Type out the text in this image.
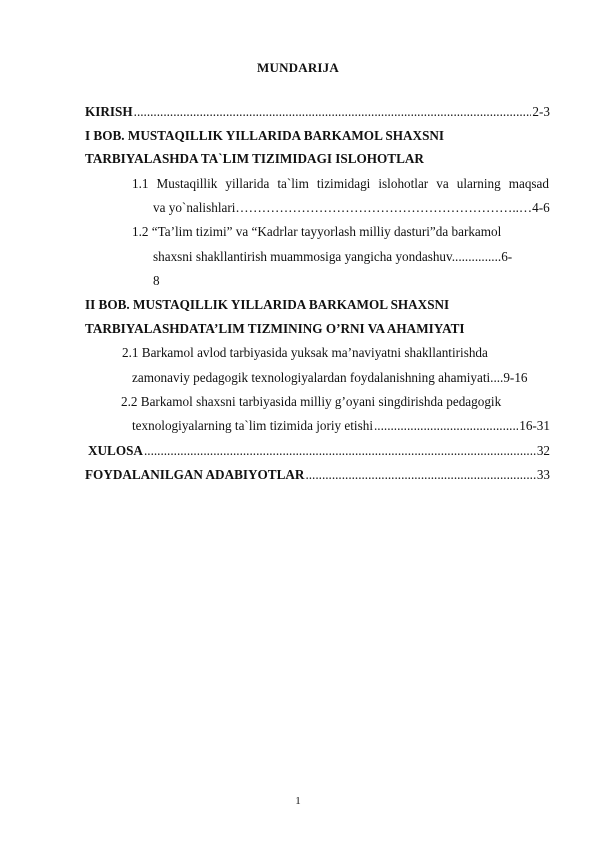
MUNDARIJA
KIRISH .....	2-3
I BOB. MUSTAQILLIK YILLARIDA BARKAMOL SHAXSNI
TARBIYALASHDA TA`LIM TIZIMIDAGI ISLOHOTLAR
1.1 Mustaqillik yillarida ta`lim tizimidagi islohotlar va ularning maqsad
va yo`nalishlari………………………………………………………..…4-6
1.2 “Ta’lim tizimi” va “Kadrlar tayyorlash milliy dasturi”da barkamol
shaxsni shakllantirish muammosiga yangicha yondashuv...............6-
8
II BOB. MUSTAQILLIK YILLARIDA BARKAMOL SHAXSNI
TARBIYALASHDATA’LIM TIZMINING O’RNI VA AHAMIYATI
2.1 Barkamol avlod tarbiyasida yuksak ma’naviyatni shakllantirishda
zamonaviy pedagogik texnologiyalardan foydalanishning ahamiyati....9-16
2.2 Barkamol shaxsni tarbiyasida milliy g’oyani singdirishda pedagogik
texnologiyalarning ta`lim tizimida joriy etishi .....	16-31
XULOSA .....	32
FOYDALANILGAN ADABIYOTLAR .....	33
1
